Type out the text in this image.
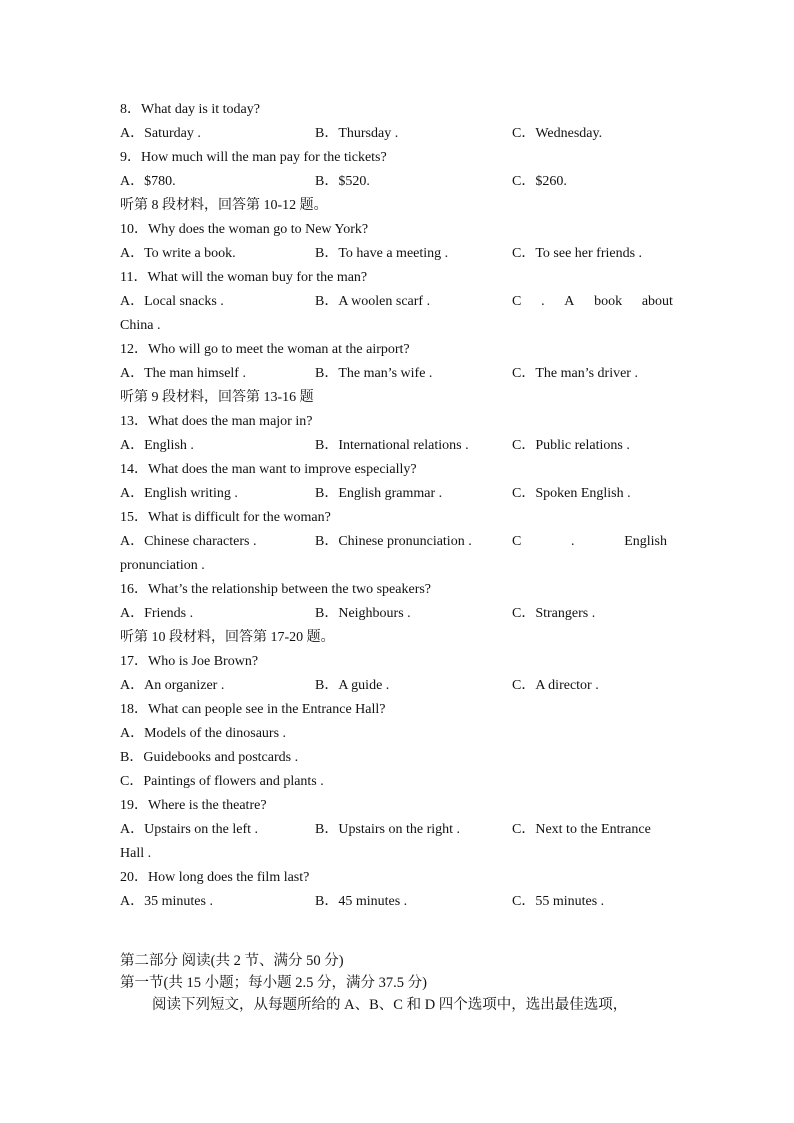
8．What day is it today?
A．Saturday .	B．Thursday .	C．Wednesday.
9．How much will the man pay for the tickets?
A．$780.	B．$520.	C．$260.
听第 8 段材料，回答第 10-12 题。
10．Why does the woman go to New York?
A．To write a book.	B．To have a meeting .	C．To see her friends .
11．What will the woman buy for the man?
A．Local snacks .	B．A woolen scarf .	C . A book about
China .
12．Who will go to meet the woman at the airport?
A．The man himself .	B．The man’s wife .	C．The man’s driver .
听第 9 段材料，回答第 13-16 题
13．What does the man major in?
A．English .	B．International relations .	C．Public relations .
14．What does the man want to improve especially?
A．English writing .	B．English grammar .	C．Spoken English .
15．What is difficult for the woman?
A．Chinese characters .	B．Chinese pronunciation .	C	.	English
pronunciation .
16．What’s the relationship between the two speakers?
A．Friends .	B．Neighbours .	C．Strangers .
听第 10 段材料，回答第 17-20 题。
17．Who is Joe Brown?
A．An organizer .	B．A guide .	C．A director .
18．What can people see in the Entrance Hall?
A．Models of the dinosaurs .
B．Guidebooks and postcards .
C．Paintings of flowers and plants .
19．Where is the theatre?
A．Upstairs on the left .	B．Upstairs on the right .	C．Next to the Entrance
Hall .
20．How long does the film last?
A．35 minutes .	B．45 minutes .	C．55 minutes .
第二部分 阅读(共 2 节、满分 50 分)
第一节(共 15 小题；每小题 2.5 分，满分 37.5 分)
阅读下列短文，从每题所给的 A、B、C 和 D 四个选项中，选出最佳选项，
